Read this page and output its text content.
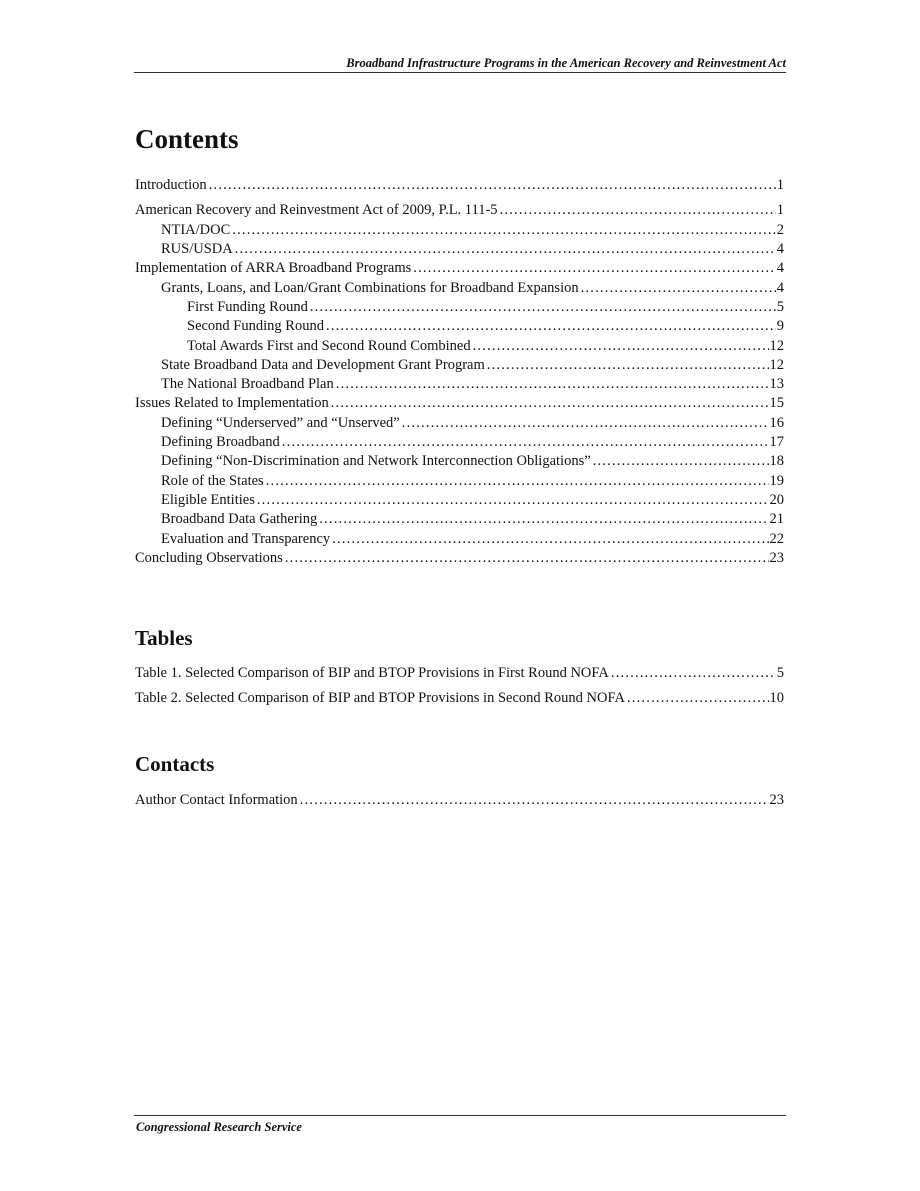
Broadband Infrastructure Programs in the American Recovery and Reinvestment Act
Contents
Introduction .....	1
American Recovery and Reinvestment Act of 2009, P.L. 111-5 .....	1
NTIA/DOC .....	2
RUS/USDA .....	4
Implementation of ARRA Broadband Programs .....	4
Grants, Loans, and Loan/Grant Combinations for Broadband Expansion .....	4
First Funding Round .....	5
Second Funding Round .....	9
Total Awards First and Second Round Combined .....	12
State Broadband Data and Development Grant Program .....	12
The National Broadband Plan .....	13
Issues Related to Implementation .....	15
Defining “Underserved” and “Unserved” .....	16
Defining Broadband .....	17
Defining “Non-Discrimination and Network Interconnection Obligations” .....	18
Role of the States .....	19
Eligible Entities .....	20
Broadband Data Gathering .....	21
Evaluation and Transparency .....	22
Concluding Observations .....	23
Tables
Table 1. Selected Comparison of BIP and BTOP Provisions in First Round NOFA .....	5
Table 2. Selected Comparison of BIP and BTOP Provisions in Second Round NOFA .....	10
Contacts
Author Contact Information .....	23
Congressional Research Service
